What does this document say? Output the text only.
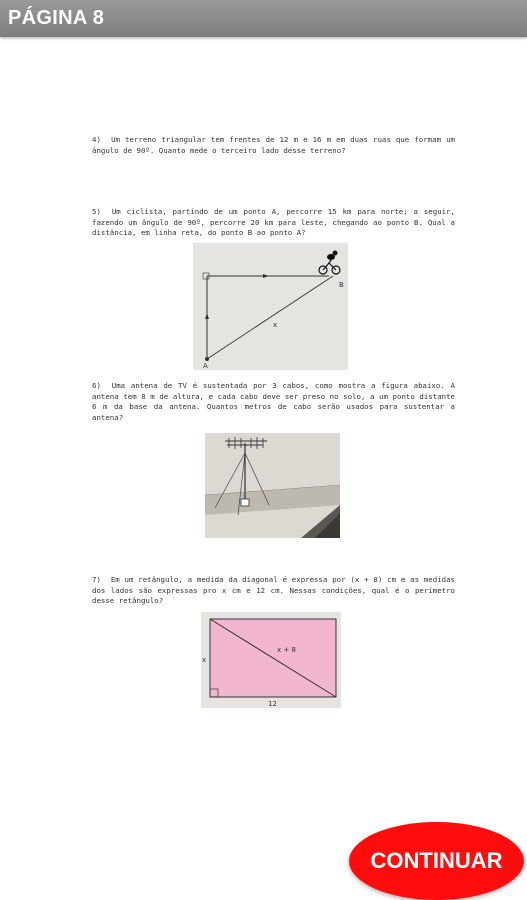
PÁGINA 8
4) Um terreno triangular tem frentes de 12 m e 16 m em duas ruas que formam um ângulo de 90º. Quanto mede o terceiro lado desse terreno?
5) Um ciclista, partindo de um ponto A, percorre 15 km para norte; a seguir, fazendo um ângulo de 90º, percorre 20 km para leste, chegando ao ponto B. Qual a distância, em linha reta, do ponto B ao ponto A?
B
A
x
6) Uma antena de TV é sustentada por 3 cabos, como mostra a figura abaixo. A antena tem 8 m de altura, e cada cabo deve ser preso no solo, a um ponto distante 6 m da base da antena. Quantos metros de cabo serão usados para sustentar a antena?
7) Em um retângulo, a medida da diagonal é expressa por (x + 8) cm e as medidas dos lados são expressas pro x cm e 12 cm. Nessas condições, qual é o perímetro desse retângulo?
x + 8
x
12
CONTINUAR
